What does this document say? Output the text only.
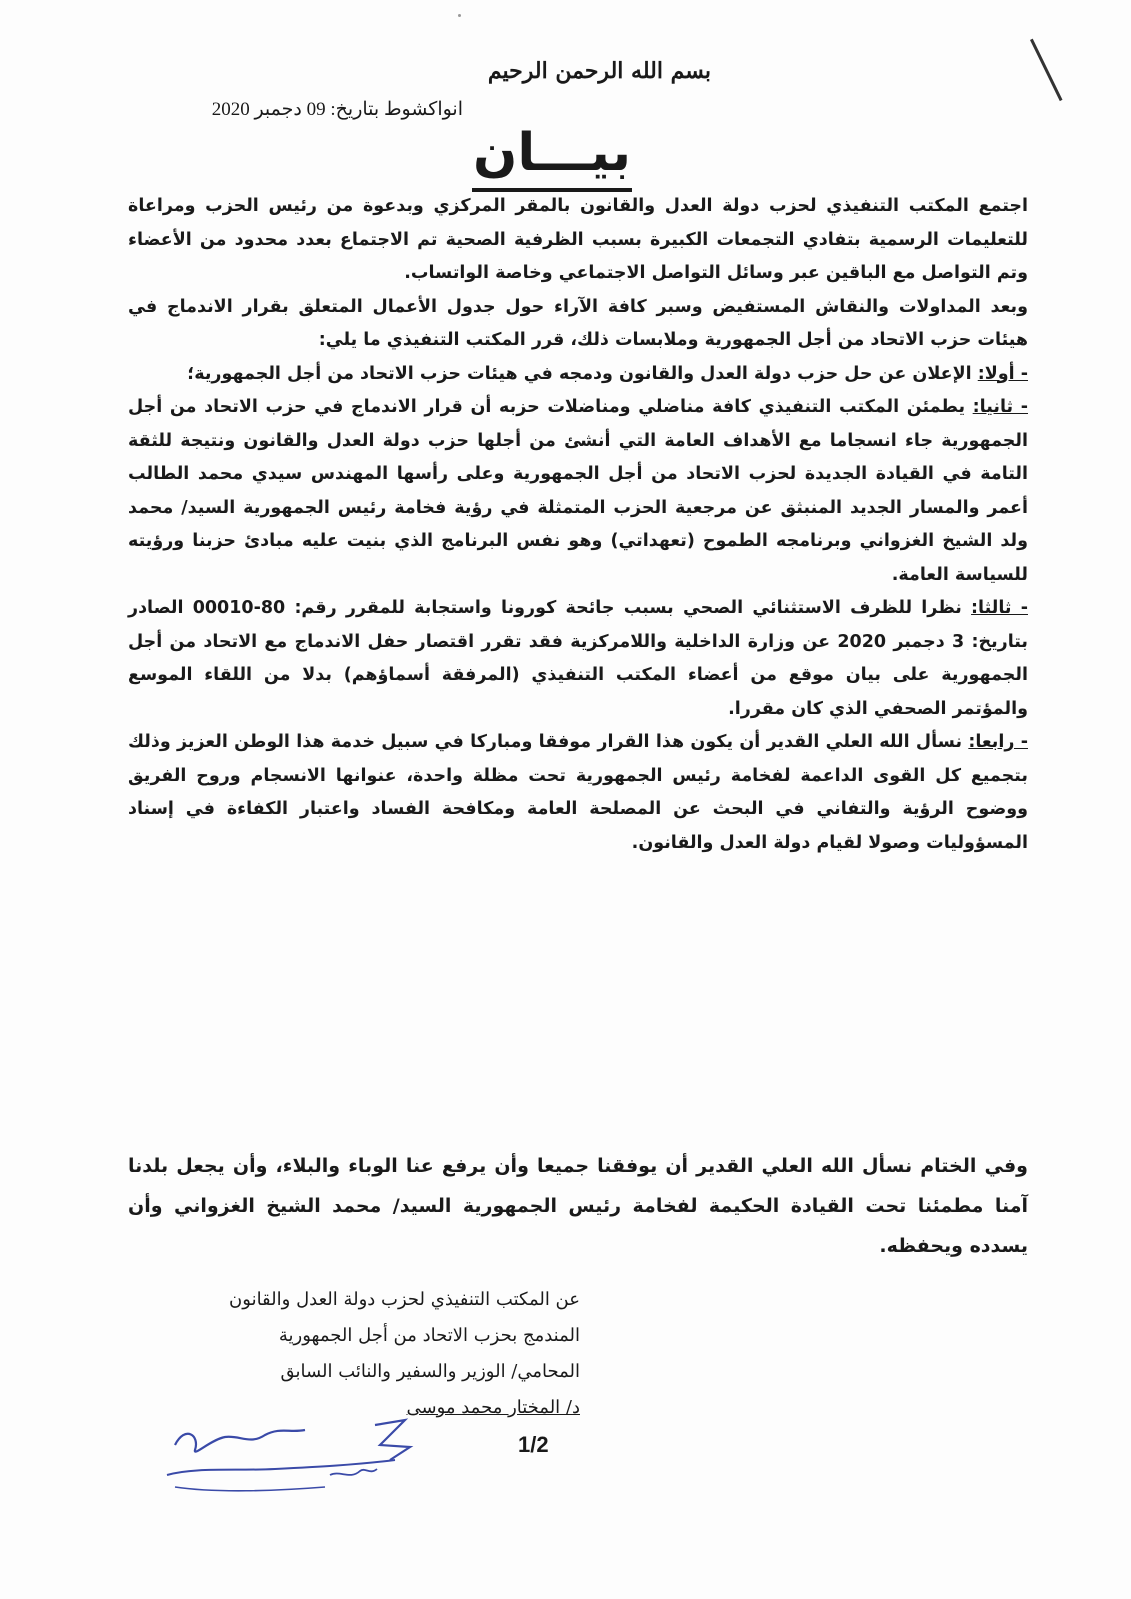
بسم الله الرحمن الرحيم
انواكشوط بتاريخ: 09 دجمبر 2020
بيـــان

اجتمع المكتب التنفيذي لحزب دولة العدل والقانون بالمقر المركزي وبدعوة من رئيس الحزب ومراعاة للتعليمات الرسمية بتفادي التجمعات الكبيرة بسبب الظرفية الصحية تم الاجتماع بعدد محدود من الأعضاء وتم التواصل مع الباقين عبر وسائل التواصل الاجتماعي وخاصة الواتساب.

وبعد المداولات والنقاش المستفيض وسبر كافة الآراء حول جدول الأعمال المتعلق بقرار الاندماج في هيئات حزب الاتحاد من أجل الجمهورية وملابسات ذلك، قرر المكتب التنفيذي ما يلي:

- أولا: الإعلان عن حل حزب دولة العدل والقانون ودمجه في هيئات حزب الاتحاد من أجل الجمهورية؛

- ثانيا: يطمئن المكتب التنفيذي كافة مناضلي ومناضلات حزبه أن قرار الاندماج في حزب الاتحاد من أجل الجمهورية جاء انسجاما مع الأهداف العامة التي أنشئ من أجلها حزب دولة العدل والقانون ونتيجة للثقة التامة في القيادة الجديدة لحزب الاتحاد من أجل الجمهورية وعلى رأسها المهندس سيدي محمد الطالب أعمر والمسار الجديد المنبثق عن مرجعية الحزب المتمثلة في رؤية فخامة رئيس الجمهورية السيد/ محمد ولد الشيخ الغزواني وبرنامجه الطموح (تعهداتي) وهو نفس البرنامج الذي بنيت عليه مبادئ حزبنا ورؤيته للسياسة العامة.

- ثالثا: نظرا للظرف الاستثنائي الصحي بسبب جائحة كورونا واستجابة للمقرر رقم: 80-00010 الصادر بتاريخ: 3 دجمبر 2020 عن وزارة الداخلية واللامركزية فقد تقرر اقتصار حفل الاندماج مع الاتحاد من أجل الجمهورية على بيان موقع من أعضاء المكتب التنفيذي (المرفقة أسماؤهم) بدلا من اللقاء الموسع والمؤتمر الصحفي الذي كان مقررا.

- رابعا: نسأل الله العلي القدير أن يكون هذا القرار موفقا ومباركا في سبيل خدمة هذا الوطن العزيز وذلك بتجميع كل القوى الداعمة لفخامة رئيس الجمهورية تحت مظلة واحدة، عنوانها الانسجام وروح الفريق ووضوح الرؤية والتفاني في البحث عن المصلحة العامة ومكافحة الفساد واعتبار الكفاءة في إسناد المسؤوليات وصولا لقيام دولة العدل والقانون.

وفي الختام نسأل الله العلي القدير أن يوفقنا جميعا وأن يرفع عنا الوباء والبلاء، وأن يجعل بلدنا آمنا مطمئنا تحت القيادة الحكيمة لفخامة رئيس الجمهورية السيد/ محمد الشيخ الغزواني وأن يسدده ويحفظه.
عن المكتب التنفيذي لحزب دولة العدل والقانون
المندمج بحزب الاتحاد من أجل الجمهورية
المحامي/ الوزير والسفير والنائب السابق
د/ المختار محمد موسى
1/2
